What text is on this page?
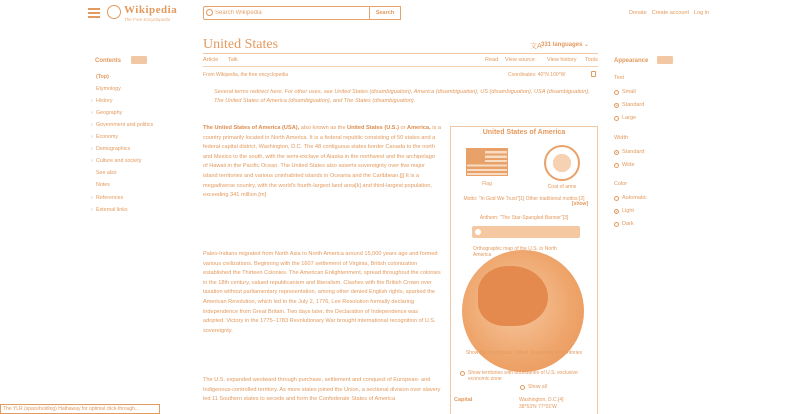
Wikipedia
The Free Encyclopedia
Search Wikipedia
Search	Donate Create account Log in
Contents
(Top)
Etymology
› History
› Geography
› Government and politics
› Economy
› Demographics
› Culture and society
See also
Notes
› References
› External links
United States	文A 331 languages ⌄
Article Talk	Read View source View history Tools
From Wikipedia, the free encyclopedia	Coordinates: 40°N 100°W
Several terms redirect here. For other uses, see United States (disambiguation), America (disambiguation), US (disambiguation), USA (disambiguation), The United States of America (disambiguation), and The States (disambiguation).
The United States of America (USA), also known as the United States (U.S.) or America, is a country primarily located in North America. It is a federal republic consisting of 50 states and a federal capital district, Washington, D.C. The 48 contiguous states border Canada to the north and Mexico to the south, with the semi-exclave of Alaska in the northwest and the archipelago of Hawaii in the Pacific Ocean. The United States also asserts sovereignty over five major island territories and various uninhabited islands in Oceania and the Caribbean.[j] It is a megadiverse country, with the world's fourth-largest land area[k] and third-largest population, exceeding 341 million.[m]
Paleo-Indians migrated from North Asia to North America around 15,000 years ago and formed various civilizations. Beginning with the 1607 settlement of Virginia, British colonization established the Thirteen Colonies. The American Enlightenment, spread throughout the colonies in the 18th century, valued republicanism and liberalism. Clashes with the British Crown over taxation without parliamentary representation, among other denied English rights, sparked the American Revolution, which led to the July 2, 1776, Lee Resolution formally declaring independence from Great Britain. Two days later, the Declaration of Independence was adopted. Victory in the 1775–1783 Revolutionary War brought international recognition of U.S. sovereignty.
The U.S. expanded westward through purchase, settlement and conquest of European- and Indigenous-controlled territory. As more states joined the Union, a sectional division over slavery led 11 Southern states to secede and form the Confederate States of America
United States of America
Flag	Coat of arms
Motto: "In God We Trust"[1] Other traditional mottos:[2]
[show]
Anthem: "The Star-Spangled Banner"[3]
Orthographic map of the U.S. in North America
Show the contiguous United States and its territories
Show territories with boundaries of U.S. exclusive economic zone
Show all
Capital	Washington, D.C.[4]
38°53′N 77°01′W
Appearance
Text
Small
Standard
Large
Width
Standard
Wide
Color
Automatic
Light
Dark
The YLR (spaceholding) Hathaway for optimal click-through...
